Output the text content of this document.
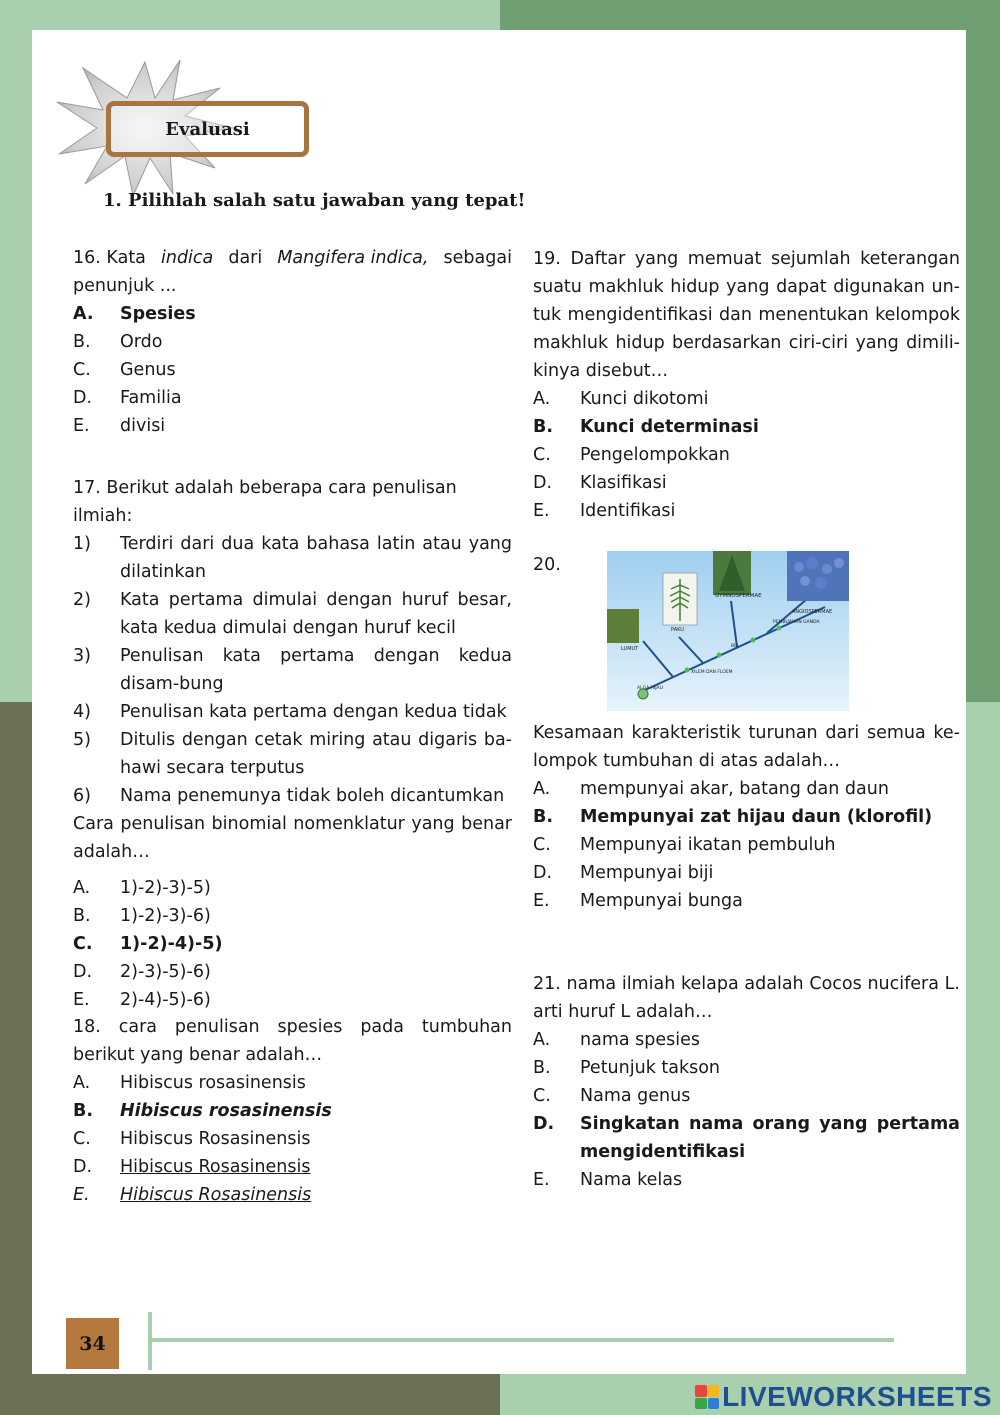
Evaluasi
1. Pilihlah salah satu jawaban yang tepat!
16. Kata indica dari Mangifera indica, sebagai
penunjuk ...
A.	Spesies
B.	Ordo
C.	Genus
D.	Familia
E.	divisi
17. Berikut adalah beberapa cara penulisan ilmiah:
1)	Terdiri dari dua kata bahasa latin atau yang dilatinkan
2)	Kata pertama dimulai dengan huruf besar, kata kedua dimulai dengan huruf kecil
3)	Penulisan kata pertama dengan kedua disam-bung
4)	Penulisan kata pertama dengan kedua tidak
5)	Ditulis dengan cetak miring atau digaris ba-hawi secara terputus
6)	Nama penemunya tidak boleh dicantumkan
Cara penulisan binomial nomenklatur yang benar adalah…
A.	1)-2)-3)-5)
B.	1)-2)-3)-6)
C.	1)-2)-4)-5)
D.	2)-3)-5)-6)
E.	2)-4)-5)-6)
18. cara penulisan spesies pada tumbuhan berikut yang benar adalah…
A.	Hibiscus rosasinensis
B.	Hibiscus rosasinensis
C.	Hibiscus Rosasinensis
D.	Hibiscus Rosasinensis
E.	Hibiscus Rosasinensis
19. Daftar yang memuat sejumlah keterangan suatu makhluk hidup yang dapat digunakan un-tuk mengidentifikasi dan menentukan kelompok makhluk hidup berdasarkan ciri-ciri yang dimili-kinya disebut…
A.	Kunci dikotomi
B.	Kunci determinasi
C.	Pengelompokkan
D.	Klasifikasi
E.	Identifikasi
20.
GYMNOSPERMAE
ANGIOSPERMAE
PAKU
PEMBUAHAN GANDA
BIJI
LUMUT
XILEM DAN FLOEM
ALGA HIJAU
Kesamaan karakteristik turunan dari semua ke-lompok tumbuhan di atas adalah…
A.	mempunyai akar, batang dan daun
B.	Mempunyai zat hijau daun (klorofil)
C.	Mempunyai ikatan pembuluh
D.	Mempunyai biji
E.	Mempunyai bunga
21. nama ilmiah kelapa adalah Cocos nucifera L. arti huruf L adalah…
A.	nama spesies
B.	Petunjuk takson
C.	Nama genus
D.	Singkatan nama orang yang pertama mengidentifikasi
E.	Nama kelas
34
LIVEWORKSHEETS
